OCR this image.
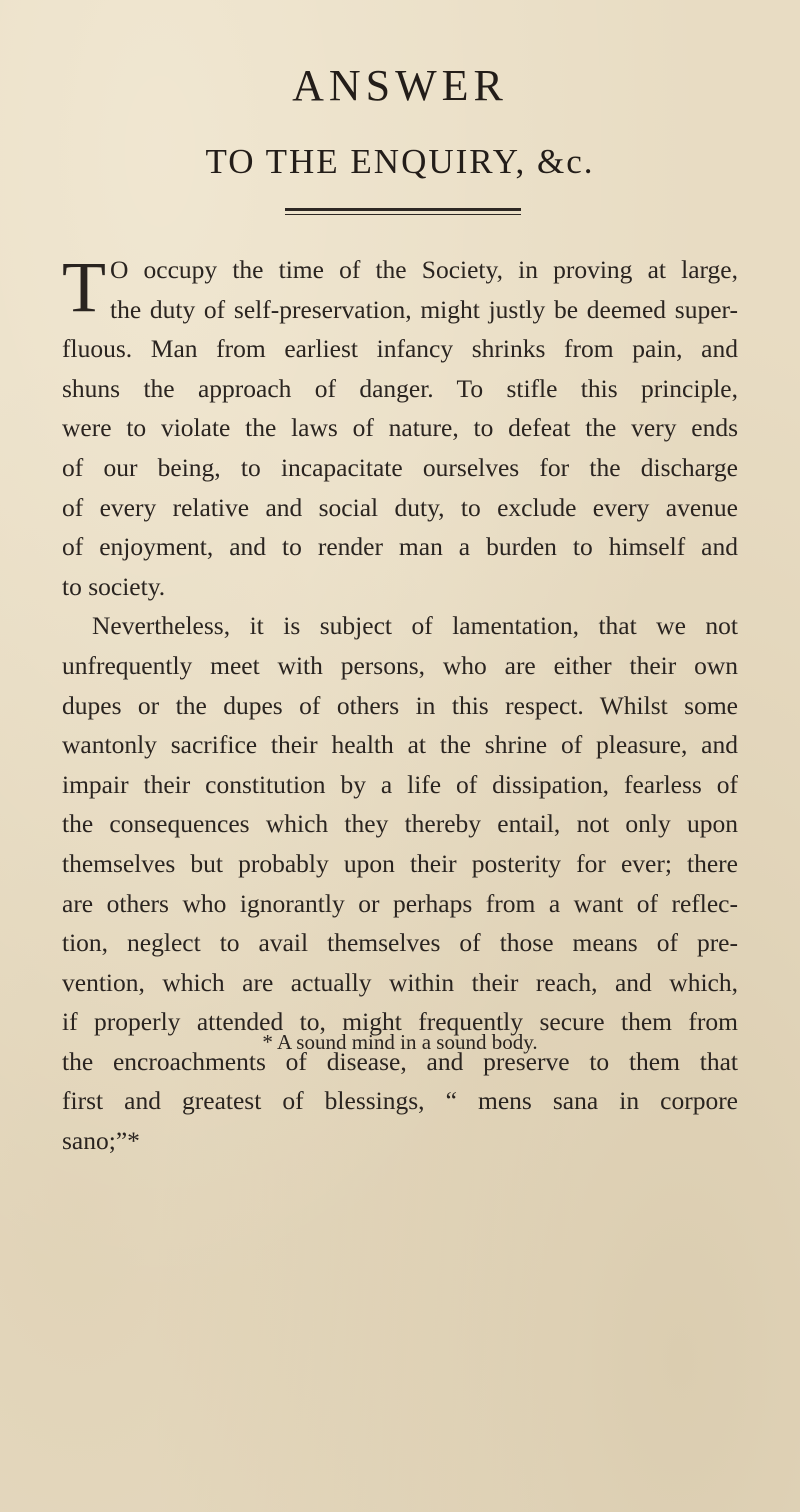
ANSWER
TO THE ENQUIRY, &c.
T O occupy the time of the Society, in proving at large,
the duty of self-preservation, might justly be deemed super-
fluous. Man from earliest infancy shrinks from pain, and
shuns the approach of danger. To stifle this principle,
were to violate the laws of nature, to defeat the very ends
of our being, to incapacitate ourselves for the discharge
of every relative and social duty, to exclude every avenue
of enjoyment, and to render man a burden to himself and
to society.
Nevertheless, it is subject of lamentation, that we not
unfrequently meet with persons, who are either their own
dupes or the dupes of others in this respect. Whilst some
wantonly sacrifice their health at the shrine of pleasure, and
impair their constitution by a life of dissipation, fearless of
the consequences which they thereby entail, not only upon
themselves but probably upon their posterity for ever; there
are others who ignorantly or perhaps from a want of reflec-
tion, neglect to avail themselves of those means of pre-
vention, which are actually within their reach, and which,
if properly attended to, might frequently secure them from
the encroachments of disease, and preserve to them that
first and greatest of blessings, “ mens sana in corpore
sano;”*
* A sound mind in a sound body.
